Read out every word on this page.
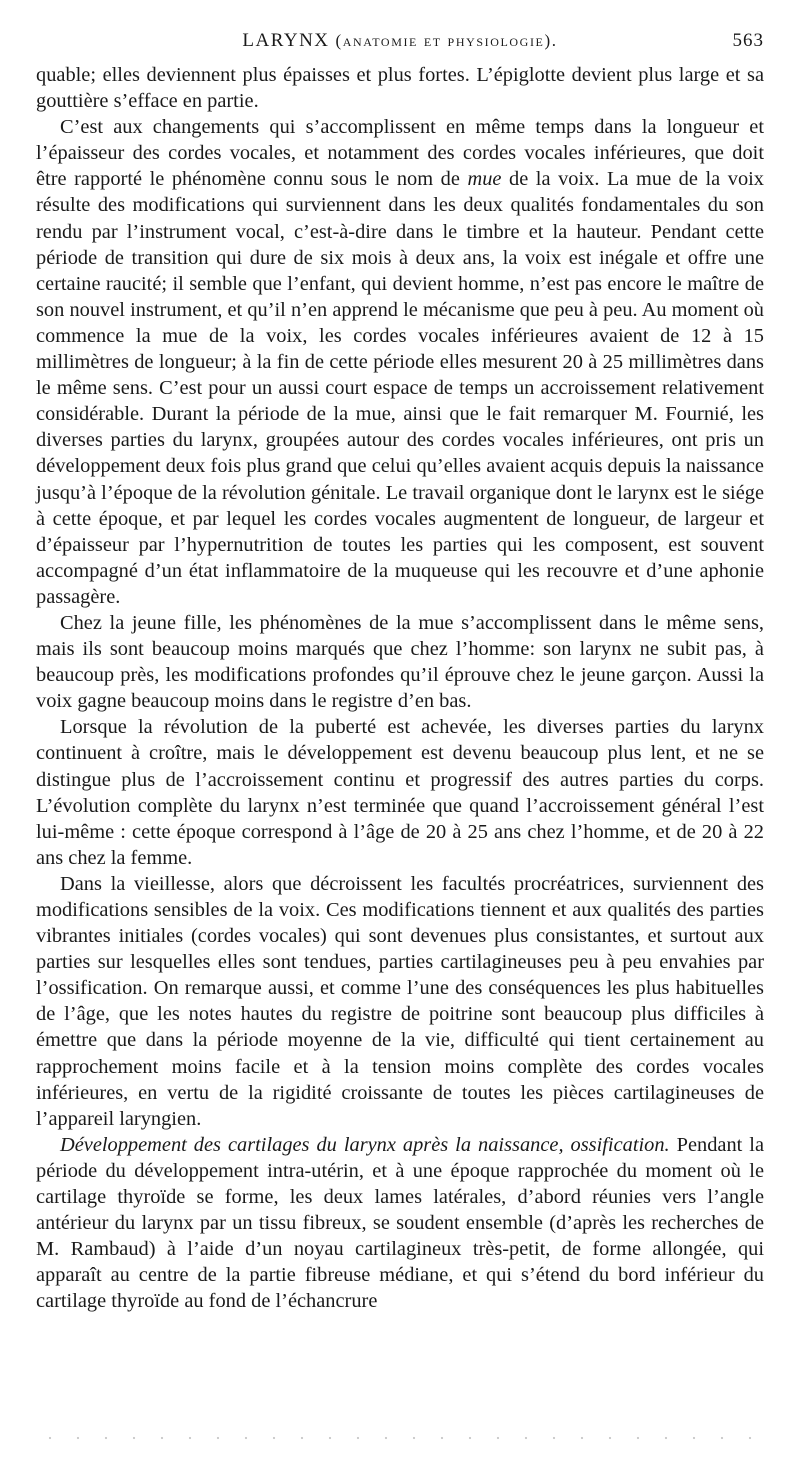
LARYNX (anatomie et physiologie).	563

quable; elles deviennent plus épaisses et plus fortes. L’épiglotte devient plus large et sa gouttière s’efface en partie.

C’est aux changements qui s’accomplissent en même temps dans la longueur et l’épaisseur des cordes vocales, et notamment des cordes vocales inférieures, que doit être rapporté le phénomène connu sous le nom de mue de la voix. La mue de la voix résulte des modifications qui surviennent dans les deux qualités fondamentales du son rendu par l’instrument vocal, c’est-à-dire dans le timbre et la hauteur. Pendant cette période de transition qui dure de six mois à deux ans, la voix est inégale et offre une certaine raucité; il semble que l’enfant, qui devient homme, n’est pas encore le maître de son nouvel instrument, et qu’il n’en apprend le mécanisme que peu à peu. Au moment où commence la mue de la voix, les cordes vocales inférieures avaient de 12 à 15 millimètres de longueur; à la fin de cette période elles mesurent 20 à 25 millimètres dans le même sens. C’est pour un aussi court espace de temps un accroissement relativement considérable. Durant la période de la mue, ainsi que le fait remarquer M. Fournié, les diverses parties du larynx, groupées autour des cordes vocales inférieures, ont pris un développement deux fois plus grand que celui qu’elles avaient acquis depuis la naissance jusqu’à l’époque de la révolution génitale. Le travail organique dont le larynx est le siége à cette époque, et par lequel les cordes vocales augmentent de longueur, de largeur et d’épaisseur par l’hypernutrition de toutes les parties qui les composent, est souvent accompagné d’un état inflammatoire de la muqueuse qui les recouvre et d’une aphonie passagère.

Chez la jeune fille, les phénomènes de la mue s’accomplissent dans le même sens, mais ils sont beaucoup moins marqués que chez l’homme: son larynx ne subit pas, à beaucoup près, les modifications profondes qu’il éprouve chez le jeune garçon. Aussi la voix gagne beaucoup moins dans le registre d’en bas.

Lorsque la révolution de la puberté est achevée, les diverses parties du larynx continuent à croître, mais le développement est devenu beaucoup plus lent, et ne se distingue plus de l’accroissement continu et progressif des autres parties du corps. L’évolution complète du larynx n’est terminée que quand l’accroissement général l’est lui-même : cette époque correspond à l’âge de 20 à 25 ans chez l’homme, et de 20 à 22 ans chez la femme.

Dans la vieillesse, alors que décroissent les facultés procréatrices, surviennent des modifications sensibles de la voix. Ces modifications tiennent et aux qualités des parties vibrantes initiales (cordes vocales) qui sont devenues plus consistantes, et surtout aux parties sur lesquelles elles sont tendues, parties cartilagineuses peu à peu envahies par l’ossification. On remarque aussi, et comme l’une des conséquences les plus habituelles de l’âge, que les notes hautes du registre de poitrine sont beaucoup plus difficiles à émettre que dans la période moyenne de la vie, difficulté qui tient certainement au rapprochement moins facile et à la tension moins complète des cordes vocales inférieures, en vertu de la rigidité croissante de toutes les pièces cartilagineuses de l’appareil laryngien.

Développement des cartilages du larynx après la naissance, ossification. Pendant la période du développement intra-utérin, et à une époque rapprochée du moment où le cartilage thyroïde se forme, les deux lames latérales, d’abord réunies vers l’angle antérieur du larynx par un tissu fibreux, se soudent ensemble (d’après les recherches de M. Rambaud) à l’aide d’un noyau cartilagineux très-petit, de forme allongée, qui apparaît au centre de la partie fibreuse médiane, et qui s’étend du bord inférieur du cartilage thyroïde au fond de l’échancrure
